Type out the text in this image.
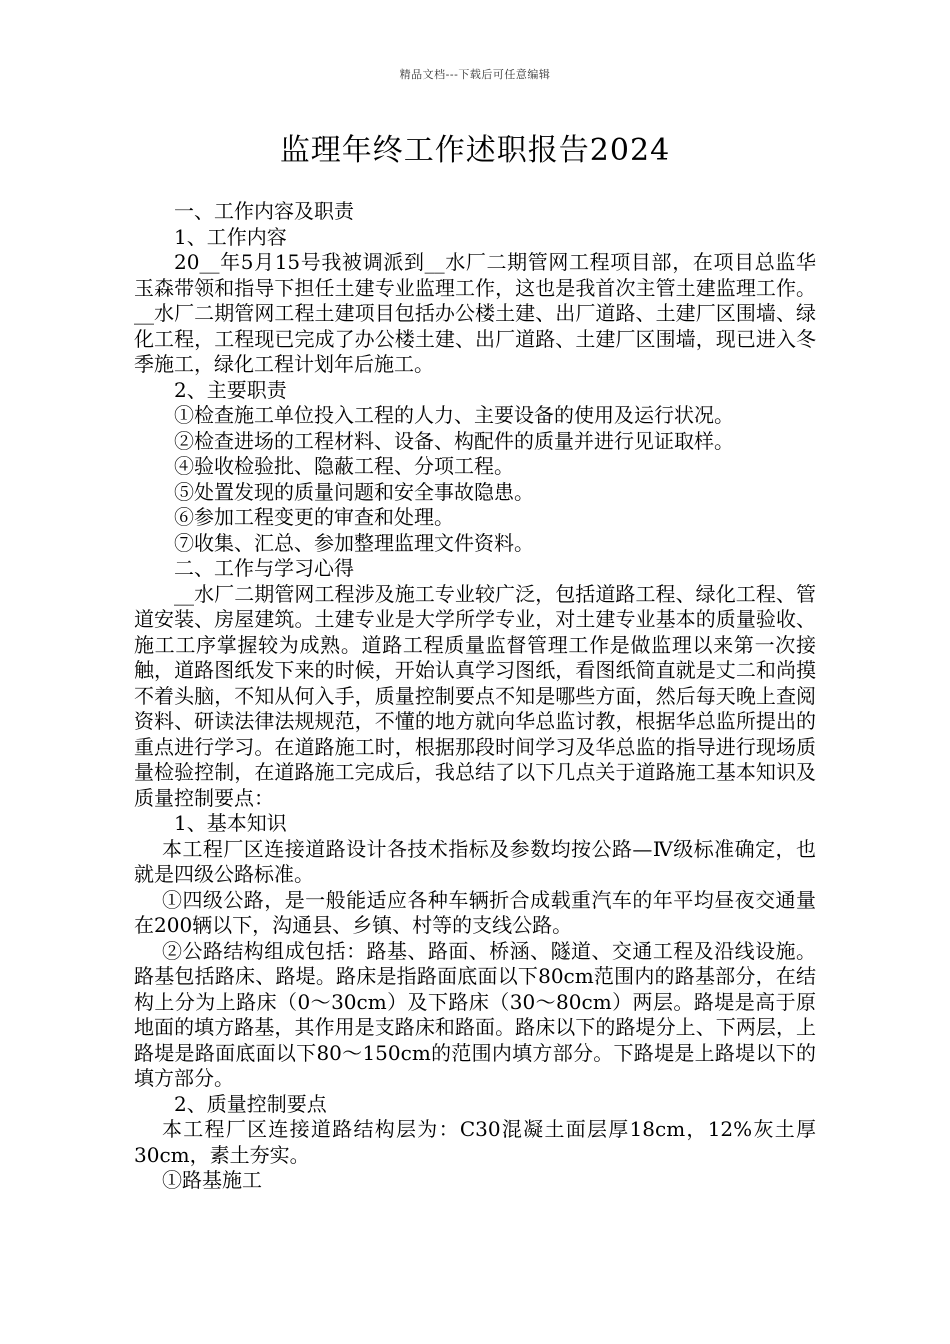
精品文档---下载后可任意编辑
监理年终工作述职报告2024

一、工作内容及职责

1、工作内容

20__年5月15号我被调派到__水厂二期管网工程项目部，在项目总监华玉森带领和指导下担任土建专业监理工作，这也是我首次主管土建监理工作。__水厂二期管网工程土建项目包括办公楼土建、出厂道路、土建厂区围墙、绿化工程，工程现已完成了办公楼土建、出厂道路、土建厂区围墙，现已进入冬季施工，绿化工程计划年后施工。

2、主要职责

①检查施工单位投入工程的人力、主要设备的使用及运行状况。

②检查进场的工程材料、设备、构配件的质量并进行见证取样。

④验收检验批、隐蔽工程、分项工程。

⑤处置发现的质量问题和安全事故隐患。

⑥参加工程变更的审查和处理。

⑦收集、汇总、参加整理监理文件资料。

二、工作与学习心得

__水厂二期管网工程涉及施工专业较广泛，包括道路工程、绿化工程、管道安装、房屋建筑。土建专业是大学所学专业，对土建专业基本的质量验收、施工工序掌握较为成熟。道路工程质量监督管理工作是做监理以来第一次接触，道路图纸发下来的时候，开始认真学习图纸，看图纸简直就是丈二和尚摸不着头脑，不知从何入手，质量控制要点不知是哪些方面，然后每天晚上查阅资料、研读法律法规规范，不懂的地方就向华总监讨教，根据华总监所提出的重点进行学习。在道路施工时，根据那段时间学习及华总监的指导进行现场质量检验控制，在道路施工完成后，我总结了以下几点关于道路施工基本知识及质量控制要点：

1、基本知识

本工程厂区连接道路设计各技术指标及参数均按公路—Ⅳ级标准确定，也就是四级公路标准。

①四级公路，是一般能适应各种车辆折合成载重汽车的年平均昼夜交通量在200辆以下，沟通县、乡镇、村等的支线公路。

②公路结构组成包括：路基、路面、桥涵、隧道、交通工程及沿线设施。路基包括路床、路堤。路床是指路面底面以下80cm范围内的路基部分，在结构上分为上路床（0～30cm）及下路床（30～80cm）两层。路堤是高于原地面的填方路基，其作用是支路床和路面。路床以下的路堤分上、下两层，上路堤是路面底面以下80～150cm的范围内填方部分。下路堤是上路堤以下的填方部分。

2、质量控制要点

本工程厂区连接道路结构层为：C30混凝土面层厚18cm，12%灰土厚30cm，素土夯实。

①路基施工
